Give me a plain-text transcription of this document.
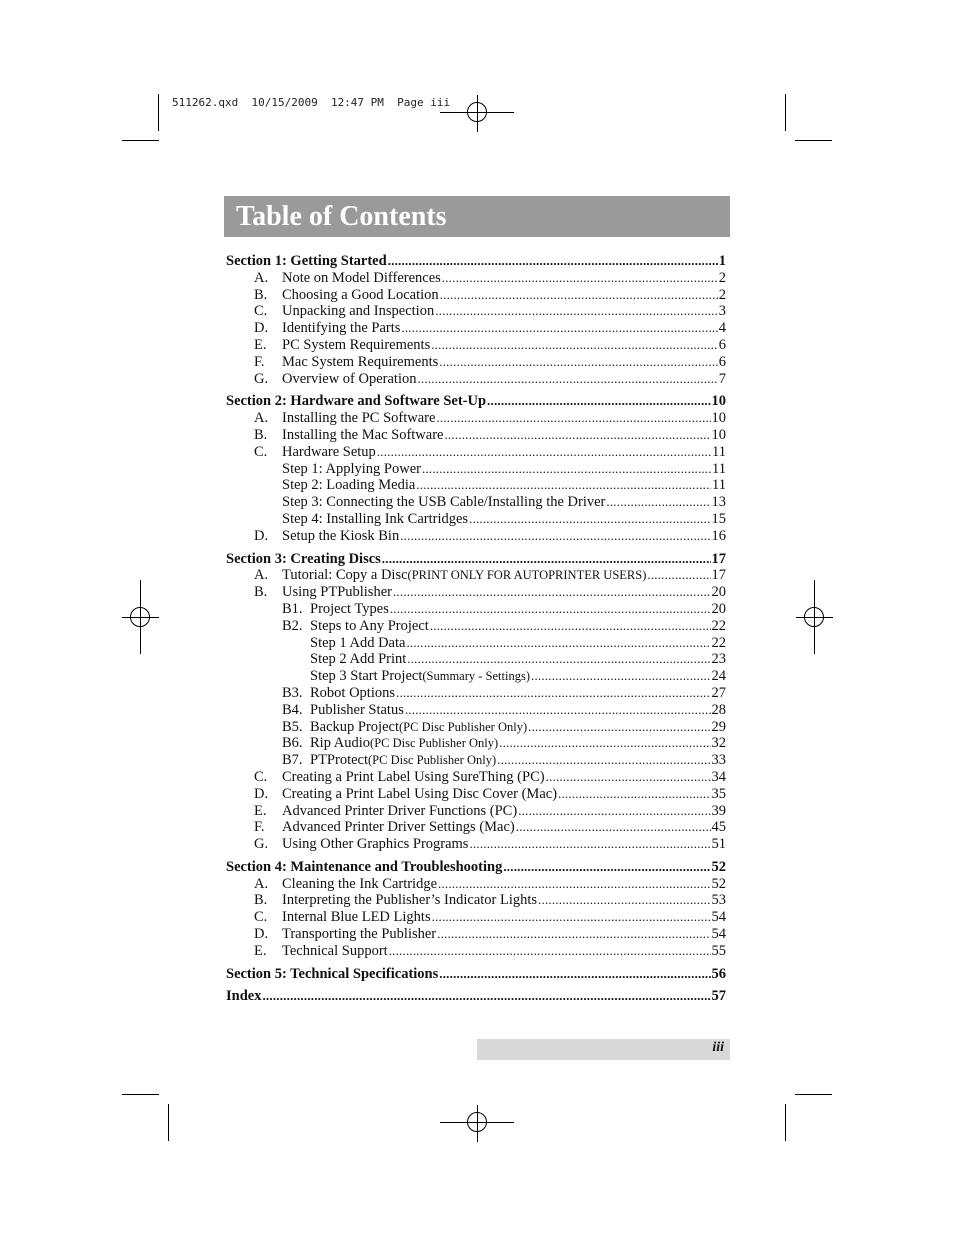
511262.qxd  10/15/2009  12:47 PM  Page iii
Table of Contents
Section 1: Getting Started .....	1
A. Note on Model Differences .....	2
B.	Choosing a Good Location .....	2
C.	Unpacking and Inspection .....	3
D. Identifying the Parts .....	4
E.	PC System Requirements .....	6
F.	Mac System Requirements .....	6
G. Overview of Operation .....	7
Section 2: Hardware and Software Set-Up .....	10
A. Installing the PC Software .....	10
B.	Installing the Mac Software .....	10
C.	Hardware Setup .....	11
Step 1: Applying Power .....	11
Step 2: Loading Media .....	11
Step 3: Connecting the USB Cable/Installing the Driver .....	13
Step 4: Installing Ink Cartridges .....	15
D. Setup the Kiosk Bin .....	16
Section 3: Creating Discs .....	17
A. Tutorial: Copy a Disc (PRINT ONLY FOR AUTOPRINTER USERS) .....	17
B.	Using PTPublisher .....	20
B1. Project Types .....	20
B2. Steps to Any Project .....	22
Step 1 Add Data .....	22
Step 2 Add Print .....	23
Step 3 Start Project (Summary - Settings) .....	24
B3. Robot Options .....	27
B4. Publisher Status .....	28
B5. Backup Project (PC Disc Publisher Only) .....	29
B6. Rip Audio (PC Disc Publisher Only) .....	32
B7. PTProtect (PC Disc Publisher Only) .....	33
C.	Creating a Print Label Using SureThing (PC) .....	34
D. Creating a Print Label Using Disc Cover (Mac) .....	35
E.	Advanced Printer Driver Functions (PC) .....	39
F.	Advanced Printer Driver Settings (Mac) .....	45
G. Using Other Graphics Programs .....	51
Section 4: Maintenance and Troubleshooting .....	52
A. Cleaning the Ink Cartridge .....	52
B.	Interpreting the Publisher’s Indicator Lights .....	53
C.	Internal Blue LED Lights .....	54
D. Transporting the Publisher .....	54
E.	Technical Support .....	55
Section 5: Technical Specifications .....	56
Index .....	57
iii
